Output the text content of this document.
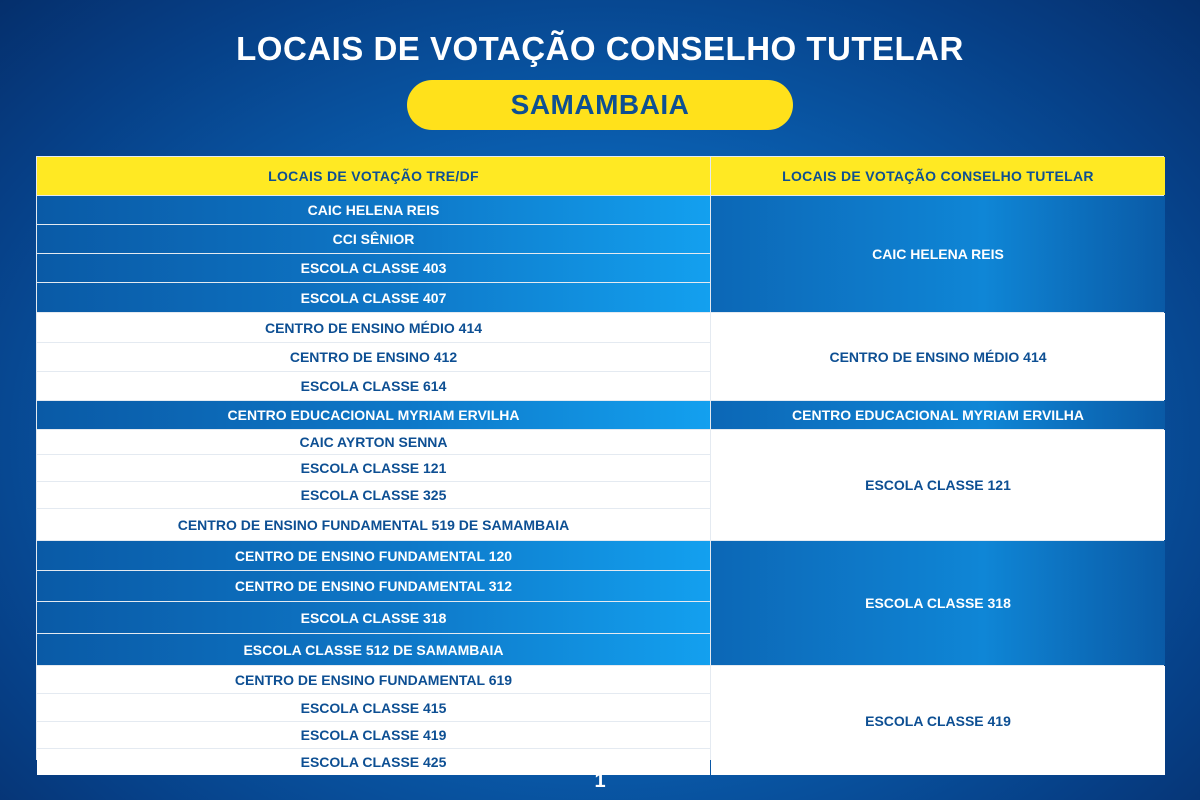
LOCAIS DE VOTAÇÃO CONSELHO TUTELAR
SAMAMBAIA
LOCAIS DE VOTAÇÃO TRE/DF	LOCAIS DE VOTAÇÃO CONSELHO TUTELAR
CAIC HELENA REIS
CCI SÊNIOR
ESCOLA CLASSE 403
ESCOLA CLASSE 407
CAIC HELENA REIS
CENTRO DE ENSINO MÉDIO 414
CENTRO DE ENSINO 412
ESCOLA CLASSE 614
CENTRO DE ENSINO MÉDIO 414
CENTRO EDUCACIONAL MYRIAM ERVILHA	CENTRO EDUCACIONAL MYRIAM ERVILHA
CAIC AYRTON SENNA
ESCOLA CLASSE 121
ESCOLA CLASSE 325
CENTRO DE ENSINO FUNDAMENTAL 519 DE SAMAMBAIA
ESCOLA CLASSE 121
CENTRO DE ENSINO FUNDAMENTAL 120
CENTRO DE ENSINO FUNDAMENTAL 312
ESCOLA CLASSE 318
ESCOLA CLASSE 512 DE SAMAMBAIA
ESCOLA CLASSE 318
CENTRO DE ENSINO FUNDAMENTAL 619
ESCOLA CLASSE 415
ESCOLA CLASSE 419
ESCOLA CLASSE 425
ESCOLA CLASSE 419
1
